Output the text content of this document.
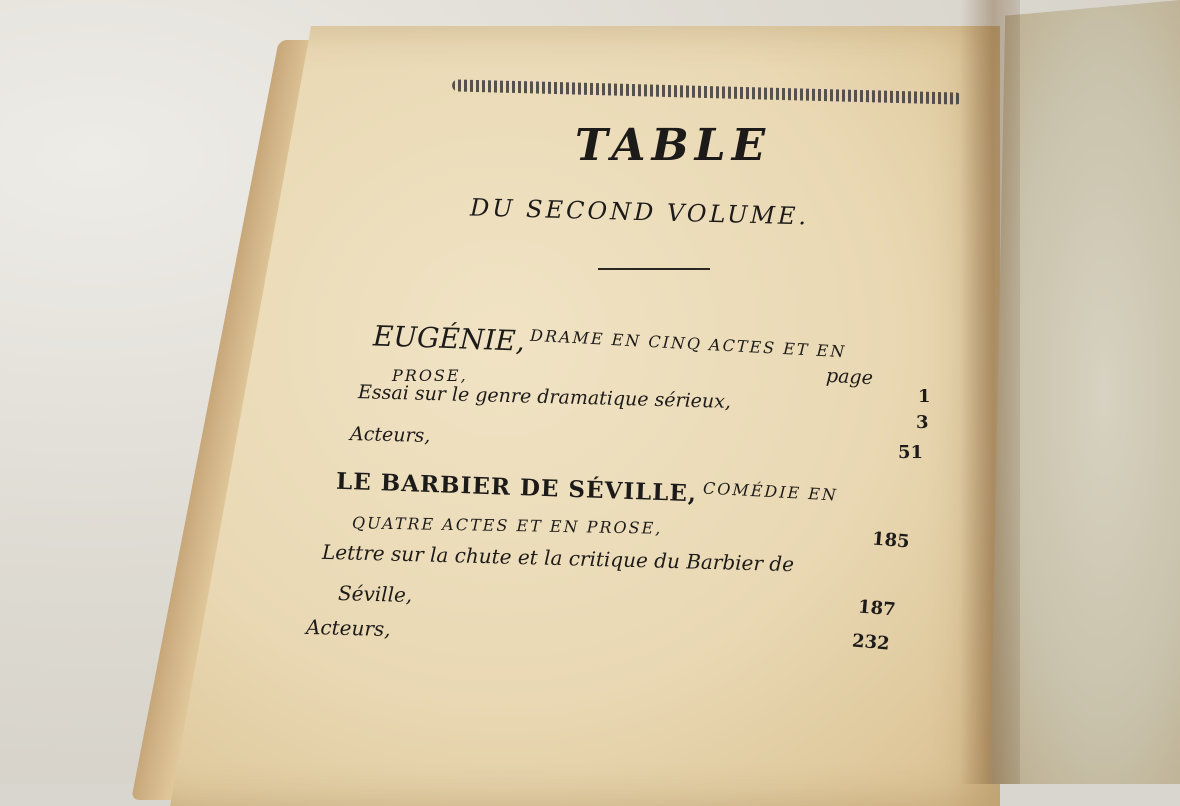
TABLE
DU SECOND VOLUME.
EUGÉNIE, DRAME EN CINQ ACTES ET EN
PROSE,	page
1
Essai sur le genre dramatique sérieux,
3
Acteurs,
51
LE BARBIER DE SÉVILLE, COMÉDIE EN
QUATRE ACTES ET EN PROSE,
185
Lettre sur la chute et la critique du Barbier de
Séville,
187
Acteurs,
232
